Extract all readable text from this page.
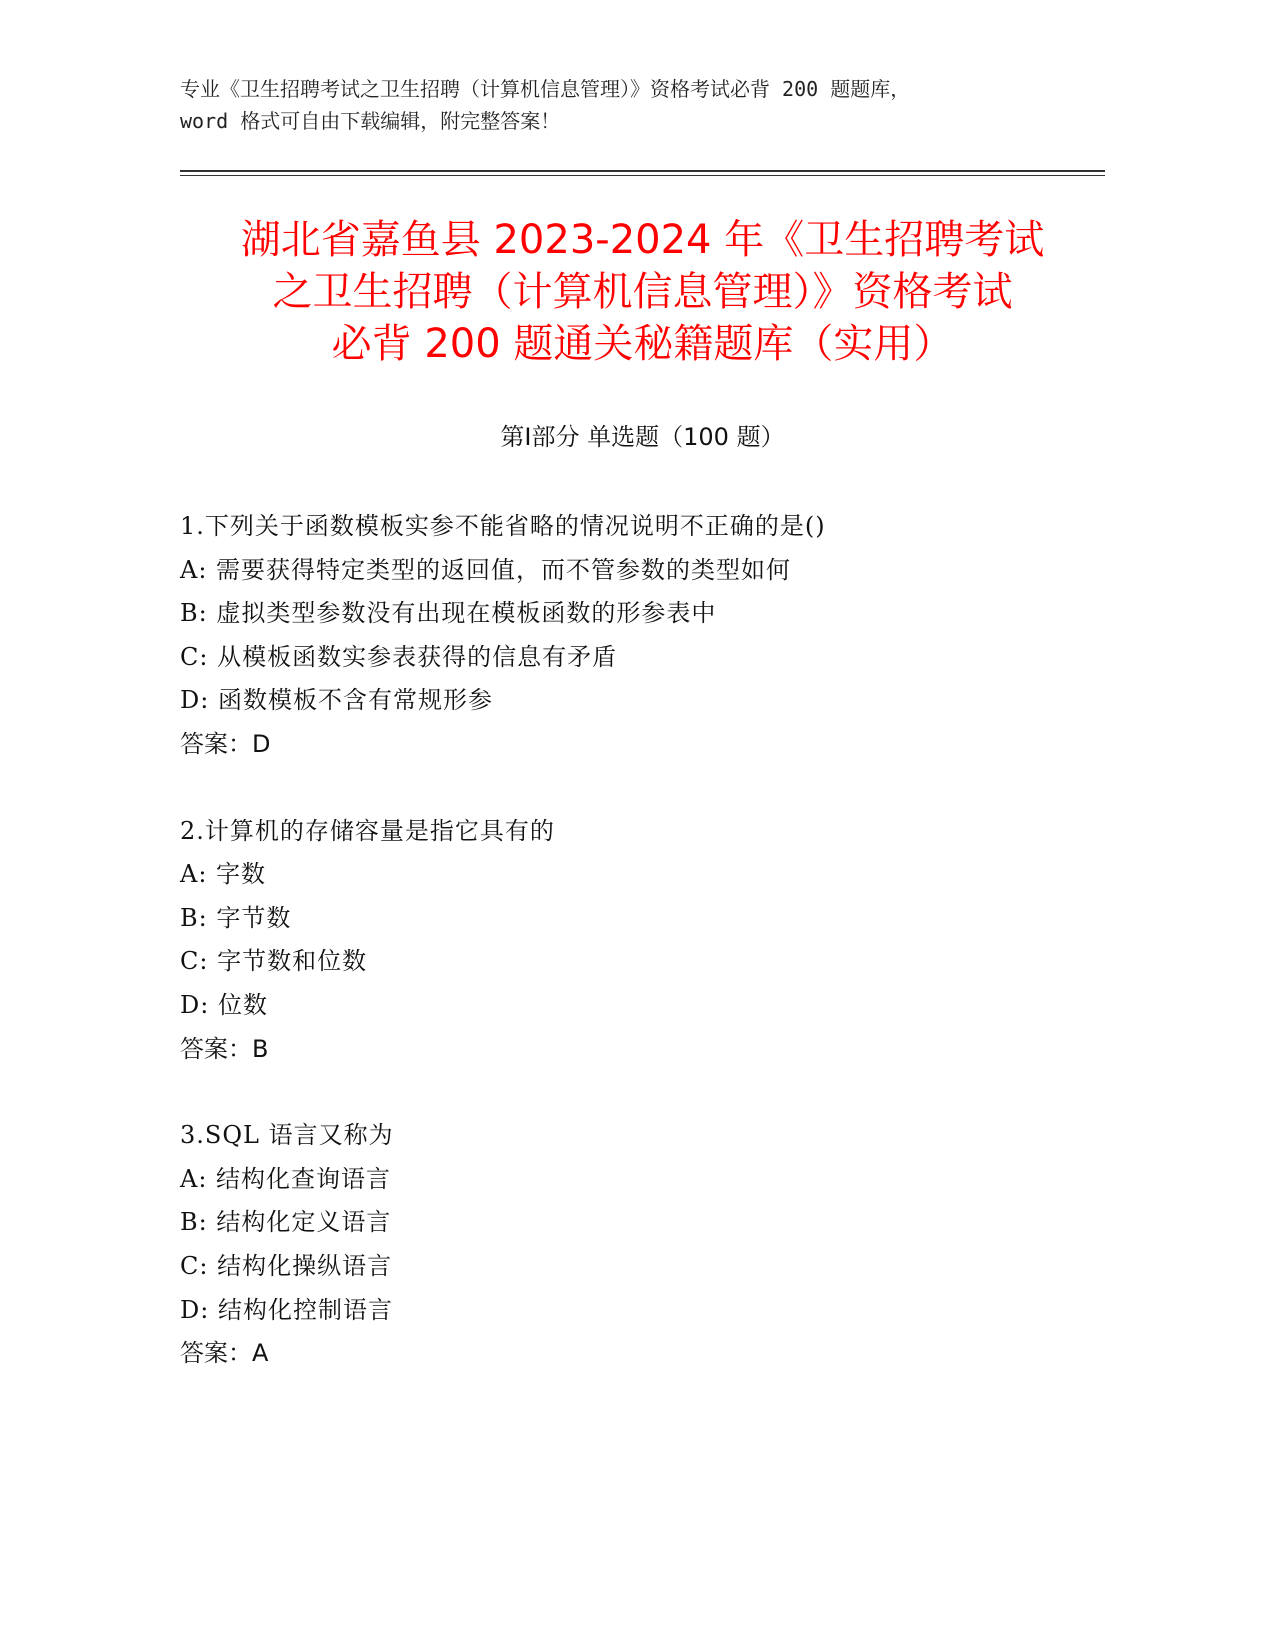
专业《卫生招聘考试之卫生招聘（计算机信息管理）》资格考试必背 200 题题库，
word 格式可自由下载编辑，附完整答案！
湖北省嘉鱼县 2023-2024 年《卫生招聘考试
之卫生招聘（计算机信息管理）》资格考试
必背 200 题通关秘籍题库（实用）
第Ⅰ部分 单选题（100 题）
1.下列关于函数模板实参不能省略的情况说明不正确的是()
A: 需要获得特定类型的返回值，而不管参数的类型如何
B: 虚拟类型参数没有出现在模板函数的形参表中
C: 从模板函数实参表获得的信息有矛盾
D: 函数模板不含有常规形参
答案：D
2.计算机的存储容量是指它具有的
A: 字数
B: 字节数
C: 字节数和位数
D: 位数
答案：B
3.SQL 语言又称为
A: 结构化查询语言
B: 结构化定义语言
C: 结构化操纵语言
D: 结构化控制语言
答案：A
